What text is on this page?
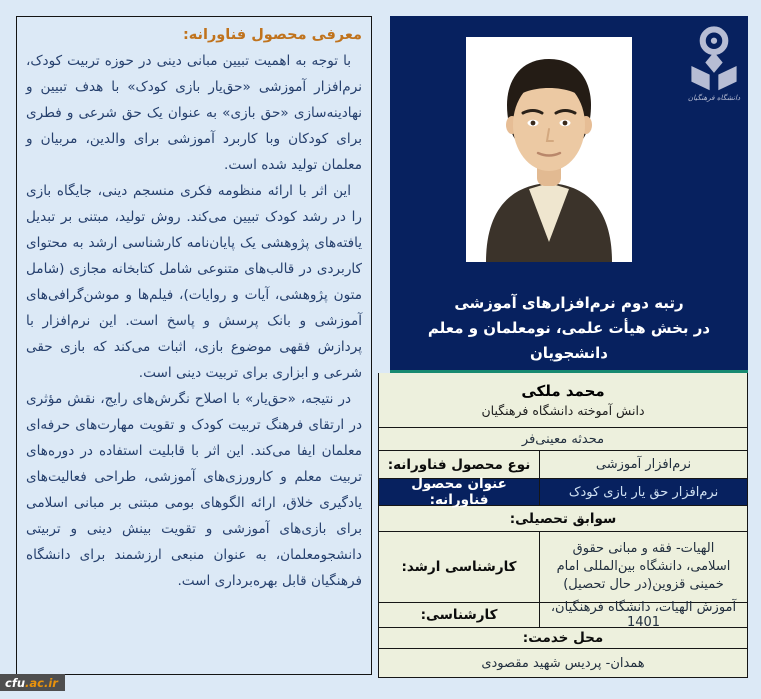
معرفی محصول فناورانه:

با توجه به اهمیت تبیین مبانی دینی در حوزه تربیت کودک، نرم‌افزار آموزشی «حق‌یار بازی کودک» با هدف تبیین و نهادینه‌سازی «حق بازی» به عنوان یک حق شرعی و فطری برای کودکان وبا کاربرد آموزشی برای والدین، مربیان و معلمان تولید شده است.

این اثر با ارائه منظومه فکری منسجم دینی، جایگاه بازی را در رشد کودک تبیین می‌کند. روش تولید، مبتنی بر تبدیل یافته‌های پژوهشی یک پایان‌نامه کارشناسی ارشد به محتوای کاربردی در قالب‌های متنوعی شامل کتابخانه مجازی (شامل متون پژوهشی، آیات و روایات)، فیلم‌ها و موشن‌گرافی‌های آموزشی و بانک پرسش و پاسخ است. این نرم‌افزار با پردازش فقهی موضوع بازی، اثبات می‌کند که بازی حقی شرعی و ابزاری برای تربیت دینی است.

در نتیجه، «حق‌یار» با اصلاح نگرش‌های رایج، نقش مؤثری در ارتقای فرهنگ تربیت کودک و تقویت مهارت‌های حرفه‌ای معلمان ایفا می‌کند. این اثر با قابلیت استفاده در دوره‌های تربیت معلم و کارورزی‌های آموزشی، طراحی فعالیت‌های یادگیری خلاق، ارائه الگوهای بومی مبتنی بر مبانی اسلامی برای بازی‌های آموزشی و تقویت بینش دینی و تربیتی دانشجومعلمان، به عنوان منبعی ارزشمند برای دانشگاه فرهنگیان قابل بهره‌برداری است.

دانشگاه فرهنگیان
رتبه دوم نرم‌افزارهای آموزشی
در بخش هیأت علمی، نومعلمان و معلم دانشجویان
محمد ملکی
دانش آموخته دانشگاه فرهنگیان
محدثه معینی‌فر
نوع محصول فناورانه:	نرم‌افزار آموزشی
عنوان محصول فناورانه:	نرم‌افزار حق یار بازی کودک
سوابق تحصیلی:
کارشناسی ارشد:
الهیات- فقه و مبانی حقوق اسلامی، دانشگاه بین‌المللی امام خمینی قزوین(در حال تحصیل)
کارشناسی:	آموزش الهیات، دانشگاه فرهنگیان، 1401
محل خدمت:
همدان- پردیس شهید مقصودی
cfu .ac.ir
